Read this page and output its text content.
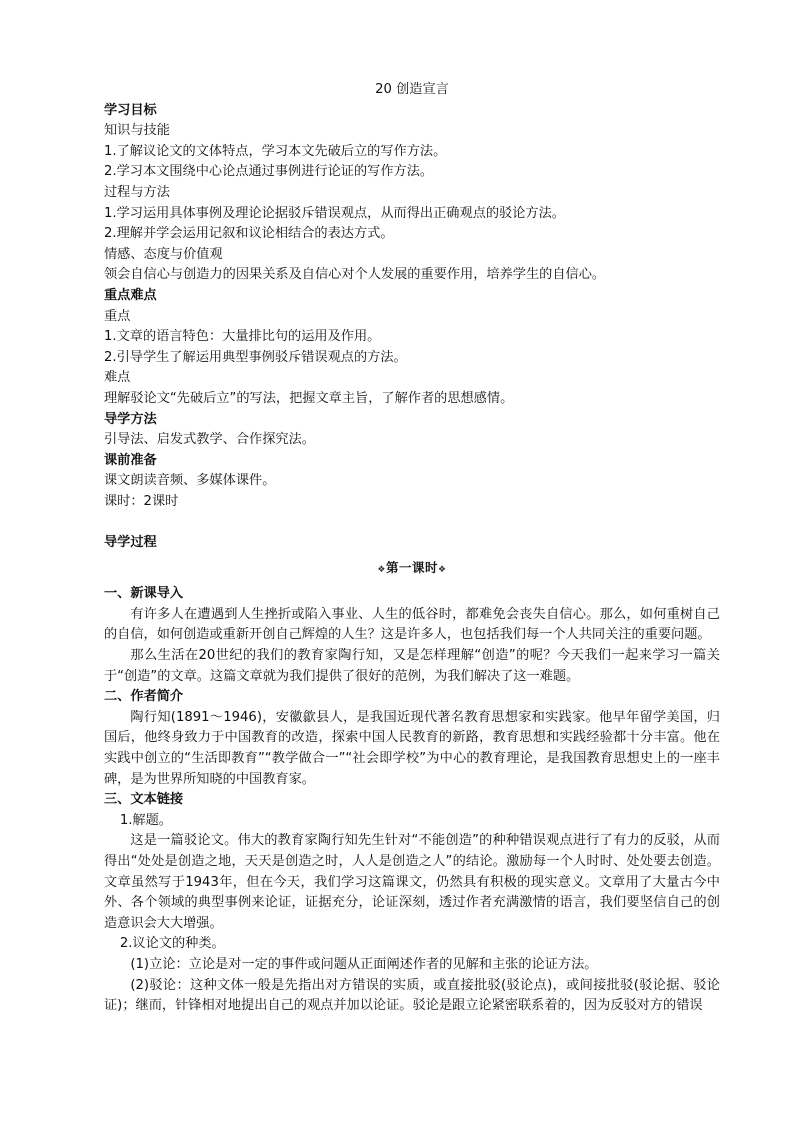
20 创造宣言
学习目标
知识与技能
1.了解议论文的文体特点，学习本文先破后立的写作方法。
2.学习本文围绕中心论点通过事例进行论证的写作方法。
过程与方法
1.学习运用具体事例及理论论据驳斥错误观点，从而得出正确观点的驳论方法。
2.理解并学会运用记叙和议论相结合的表达方式。
情感、态度与价值观
领会自信心与创造力的因果关系及自信心对个人发展的重要作用，培养学生的自信心。
重点难点
重点
1.文章的语言特色：大量排比句的运用及作用。
2.引导学生了解运用典型事例驳斥错误观点的方法。
难点
理解驳论文“先破后立”的写法，把握文章主旨，了解作者的思想感情。
导学方法
引导法、启发式教学、合作探究法。
课前准备
课文朗读音频、多媒体课件。
课时：2课时
导学过程
❖第一课时❖
一、新课导入
有许多人在遭遇到人生挫折或陷入事业、人生的低谷时，都难免会丧失自信心。那么，如何重树自己的自信，如何创造或重新开创自己辉煌的人生？这是许多人，也包括我们每一个人共同关注的重要问题。
那么生活在20世纪的我们的教育家陶行知，又是怎样理解“创造”的呢？今天我们一起来学习一篇关于“创造”的文章。这篇文章就为我们提供了很好的范例，为我们解决了这一难题。
二、作者简介
陶行知(1891～1946)，安徽歙县人，是我国近现代著名教育思想家和实践家。他早年留学美国，归国后，他终身致力于中国教育的改造，探索中国人民教育的新路，教育思想和实践经验都十分丰富。他在实践中创立的“生活即教育”“教学做合一”“社会即学校”为中心的教育理论，是我国教育思想史上的一座丰碑，是为世界所知晓的中国教育家。
三、文本链接
1.解题。
这是一篇驳论文。伟大的教育家陶行知先生针对“不能创造”的种种错误观点进行了有力的反驳，从而得出“处处是创造之地，天天是创造之时，人人是创造之人”的结论。激励每一个人时时、处处要去创造。文章虽然写于1943年，但在今天，我们学习这篇课文，仍然具有积极的现实意义。文章用了大量古今中外、各个领域的典型事例来论证，证据充分，论证深刻，透过作者充满激情的语言，我们要坚信自己的创造意识会大大增强。
2.议论文的种类。
(1)立论：立论是对一定的事件或问题从正面阐述作者的见解和主张的论证方法。
(2)驳论：这种文体一般是先指出对方错误的实质，或直接批驳(驳论点)，或间接批驳(驳论据、驳论证)；继而，针锋相对地提出自己的观点并加以论证。驳论是跟立论紧密联系着的，因为反驳对方的错误
